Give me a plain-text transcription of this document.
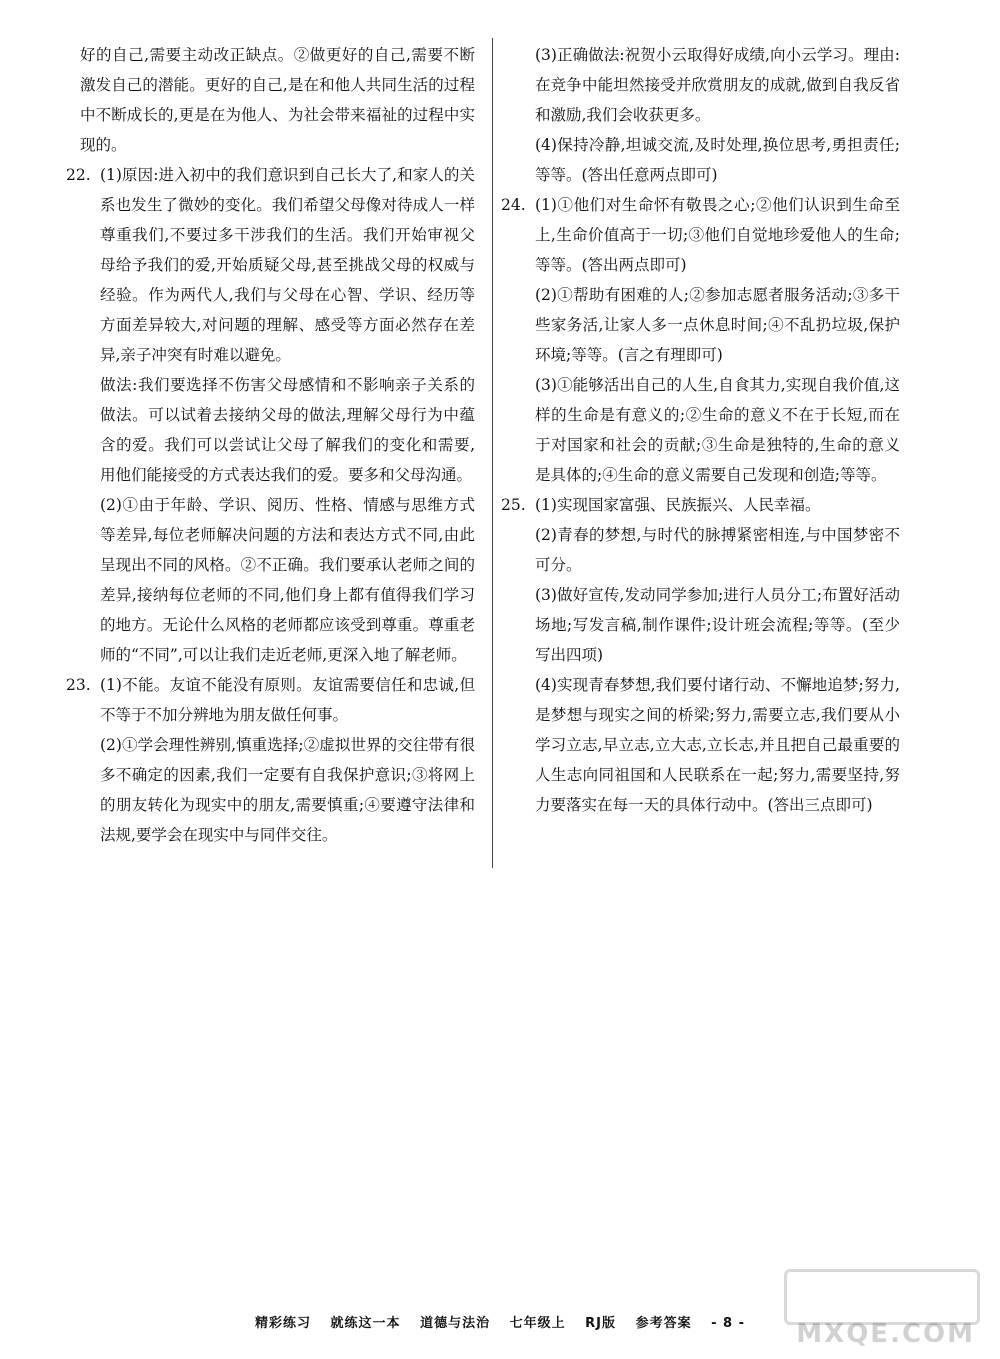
好的自己,需要主动改正缺点。②做更好的自己,需要不断激发自己的潜能。更好的自己,是在和他人共同生活的过程中不断成长的,更是在为他人、为社会带来福祉的过程中实现的。

22. (1)原因:进入初中的我们意识到自己长大了,和家人的关系也发生了微妙的变化。我们希望父母像对待成人一样尊重我们,不要过多干涉我们的生活。我们开始审视父母给予我们的爱,开始质疑父母,甚至挑战父母的权威与经验。作为两代人,我们与父母在心智、学识、经历等方面差异较大,对问题的理解、感受等方面必然存在差异,亲子冲突有时难以避免。

做法:我们要选择不伤害父母感情和不影响亲子关系的做法。可以试着去接纳父母的做法,理解父母行为中蕴含的爱。我们可以尝试让父母了解我们的变化和需要,用他们能接受的方式表达我们的爱。要多和父母沟通。

(2)①由于年龄、学识、阅历、性格、情感与思维方式等差异,每位老师解决问题的方法和表达方式不同,由此呈现出不同的风格。②不正确。我们要承认老师之间的差异,接纳每位老师的不同,他们身上都有值得我们学习的地方。无论什么风格的老师都应该受到尊重。尊重老师的“不同”,可以让我们走近老师,更深入地了解老师。

23. (1)不能。友谊不能没有原则。友谊需要信任和忠诚,但不等于不加分辨地为朋友做任何事。

(2)①学会理性辨别,慎重选择;②虚拟世界的交往带有很多不确定的因素,我们一定要有自我保护意识;③将网上的朋友转化为现实中的朋友,需要慎重;④要遵守法律和法规,要学会在现实中与同伴交往。

(3)正确做法:祝贺小云取得好成绩,向小云学习。理由:在竞争中能坦然接受并欣赏朋友的成就,做到自我反省和激励,我们会收获更多。

(4)保持冷静,坦诚交流,及时处理,换位思考,勇担责任;等等。(答出任意两点即可)

24. (1)①他们对生命怀有敬畏之心;②他们认识到生命至上,生命价值高于一切;③他们自觉地珍爱他人的生命;等等。(答出两点即可)

(2)①帮助有困难的人;②参加志愿者服务活动;③多干些家务活,让家人多一点休息时间;④不乱扔垃圾,保护环境;等等。(言之有理即可)

(3)①能够活出自己的人生,自食其力,实现自我价值,这样的生命是有意义的;②生命的意义不在于长短,而在于对国家和社会的贡献;③生命是独特的,生命的意义是具体的;④生命的意义需要自己发现和创造;等等。

25. (1)实现国家富强、民族振兴、人民幸福。

(2)青春的梦想,与时代的脉搏紧密相连,与中国梦密不可分。

(3)做好宣传,发动同学参加;进行人员分工;布置好活动场地;写发言稿,制作课件;设计班会流程;等等。(至少写出四项)

(4)实现青春梦想,我们要付诸行动、不懈地追梦;努力,是梦想与现实之间的桥梁;努力,需要立志,我们要从小学习立志,早立志,立大志,立长志,并且把自己最重要的人生志向同祖国和人民联系在一起;努力,需要坚持,努力要落实在每一天的具体行动中。(答出三点即可)

精彩练习 就练这一本 道德与法治 七年级上 RJ版 参考答案 - 8 -	MXQE.COM
